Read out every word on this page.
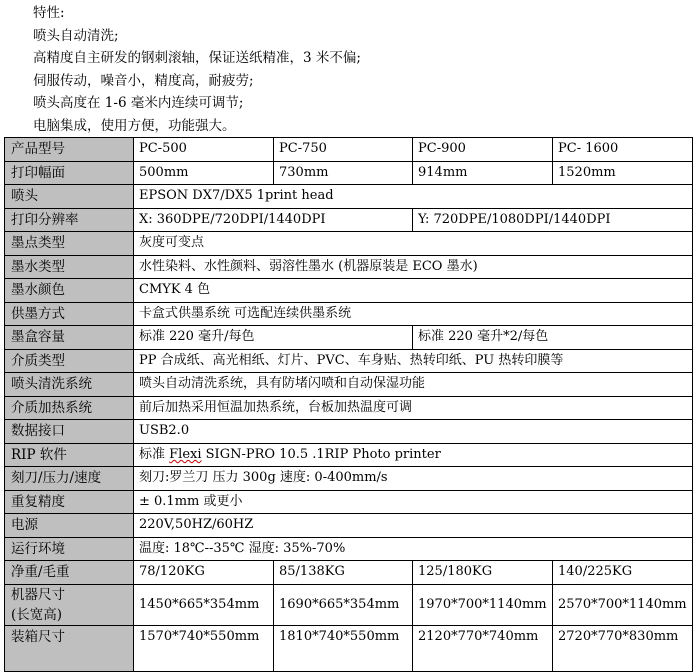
特性:
喷头自动清洗;
高精度自主研发的钢刺滚轴，保证送纸精准，3 米不偏;
伺服传动，噪音小，精度高，耐疲劳;
喷头高度在 1-6 毫米内连续可调节;
电脑集成，使用方便，功能强大。
产品型号	PC-500	PC-750	PC-900	PC- 1600
打印幅面	500mm	730mm	914mm	1520mm
喷头	EPSON DX7/DX5 1print head			
打印分辨率	X: 360DPE/720DPI/1440DPI		Y: 720DPE/1080DPI/1440DPI	
墨点类型	灰度可变点			
墨水类型	水性染料、水性颜料、弱溶性墨水 (机器原装是 ECO 墨水)			
墨水颜色	CMYK 4 色			
供墨方式	卡盒式供墨系统 可选配连续供墨系统			
墨盒容量	标准 220 毫升/每色		标准 220 毫升*2/每色	
介质类型	PP 合成纸、高光相纸、灯片、PVC、车身贴、热转印纸、PU 热转印膜等			
喷头清洗系统	喷头自动清洗系统，具有防堵闪喷和自动保湿功能			
介质加热系统	前后加热采用恒温加热系统，台板加热温度可调			
数据接口	USB2.0			
RIP 软件	标准 Flexi SIGN-PRO 10.5 .1RIP Photo printer			
刻刀/压力/速度	刻刀:罗兰刀 压力 300g 速度: 0-400mm/s			
重复精度	± 0.1mm 或更小			
电源	220V,50HZ/60HZ			
运行环境	温度: 18℃--35℃ 湿度: 35%-70%			
净重/毛重	78/120KG	85/138KG	125/180KG	140/225KG

机器尺寸
(长宽高)	1450*665*354mm	1690*665*354mm	1970*700*1140mm	2570*700*1140mm
装箱尺寸	1570*740*550mm	1810*740*550mm	2120*770*740mm	2720*770*830mm
